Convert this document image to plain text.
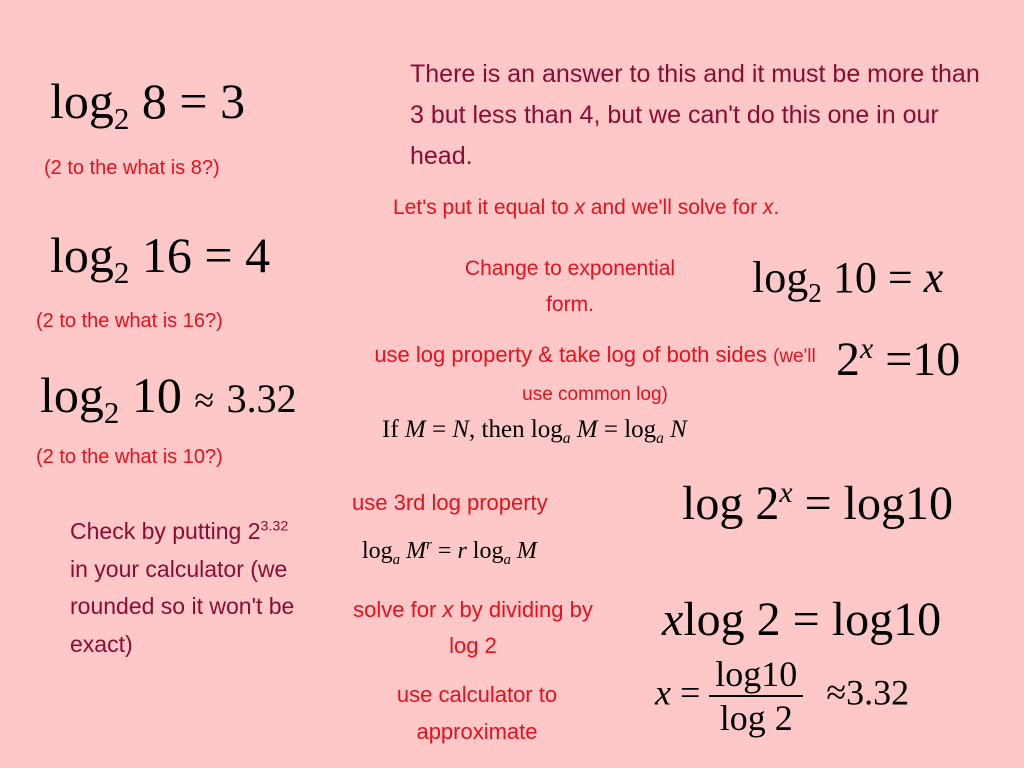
$\log_2 8 = 3$
(2 to the what is 8?)
$\log_2 16 = 4$
(2 to the what is 16?)
$\log_2 10 \approx 3.32$
(2 to the what is 10?)
Check by putting $2^{3.32}$ in your calculator (we rounded so it won't be exact)
There is an answer to this and it must be more than 3 but less than 4, but we can't do this one in our head.
Let's put it equal to x and we'll solve for x.
Change to exponential form.
$\log_2 10 = x$
$2^x =10$
use log property & take log of both sides (we'll use common log)
If M = N, then $\log_a M = \log_a N$
use 3rd log property	$\log 2^x = \log 10$
$\log_a M^r = r$ $\log_a M$
solve for x by dividing by log 2	xlog 2 = log10
use calculator to approximate
$x = \frac{\log 10}{\log 2} \approx 3.32$
